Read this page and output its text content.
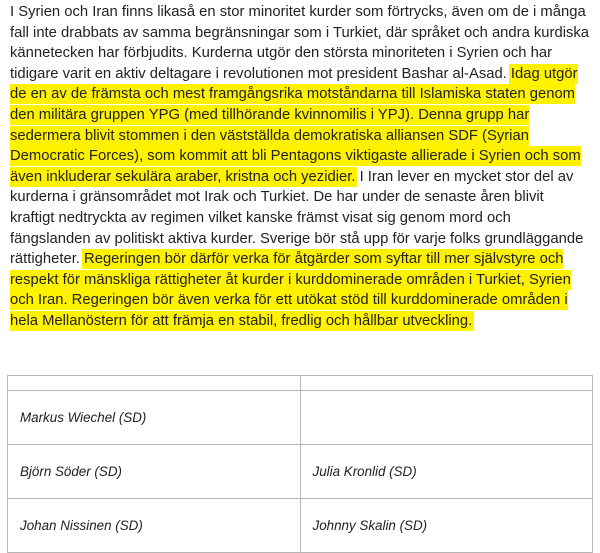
I Syrien och Iran finns likaså en stor minoritet kurder som förtrycks, även om de i många fall inte drabbats av samma begränsningar som i Turkiet, där språket och andra kurdiska kännetecken har förbjudits. Kurderna utgör den största minoriteten i Syrien och har tidigare varit en aktiv deltagare i revolutionen mot president Bashar al-Asad. Idag utgör de en av de främsta och mest framgångsrika motståndarna till Islamiska staten genom den militära gruppen YPG (med tillhörande kvinnomilis i YPJ). Denna grupp har sedermera blivit stommen i den västställda demokratiska alliansen SDF (Syrian Democratic Forces), som kommit att bli Pentagons viktigaste allierade i Syrien och som även inkluderar sekulära araber, kristna och yezidier. I Iran lever en mycket stor del av kurderna i gränsområdet mot Irak och Turkiet. De har under de senaste åren blivit kraftigt nedtryckta av regimen vilket kanske främst visat sig genom mord och fängslanden av politiskt aktiva kurder. Sverige bör stå upp för varje folks grundläggande rättigheter. Regeringen bör därför verka för åtgärder som syftar till mer självstyre och respekt för mänskliga rättigheter åt kurder i kurddominerade områden i Turkiet, Syrien och Iran. Regeringen bör även verka för ett utökat stöd till kurddominerade områden i hela Mellanöstern för att främja en stabil, fredlig och hållbar utveckling.

Markus Wiechel (SD)	
Björn Söder (SD)	Julia Kronlid (SD)
Johan Nissinen (SD)	Johnny Skalin (SD)
